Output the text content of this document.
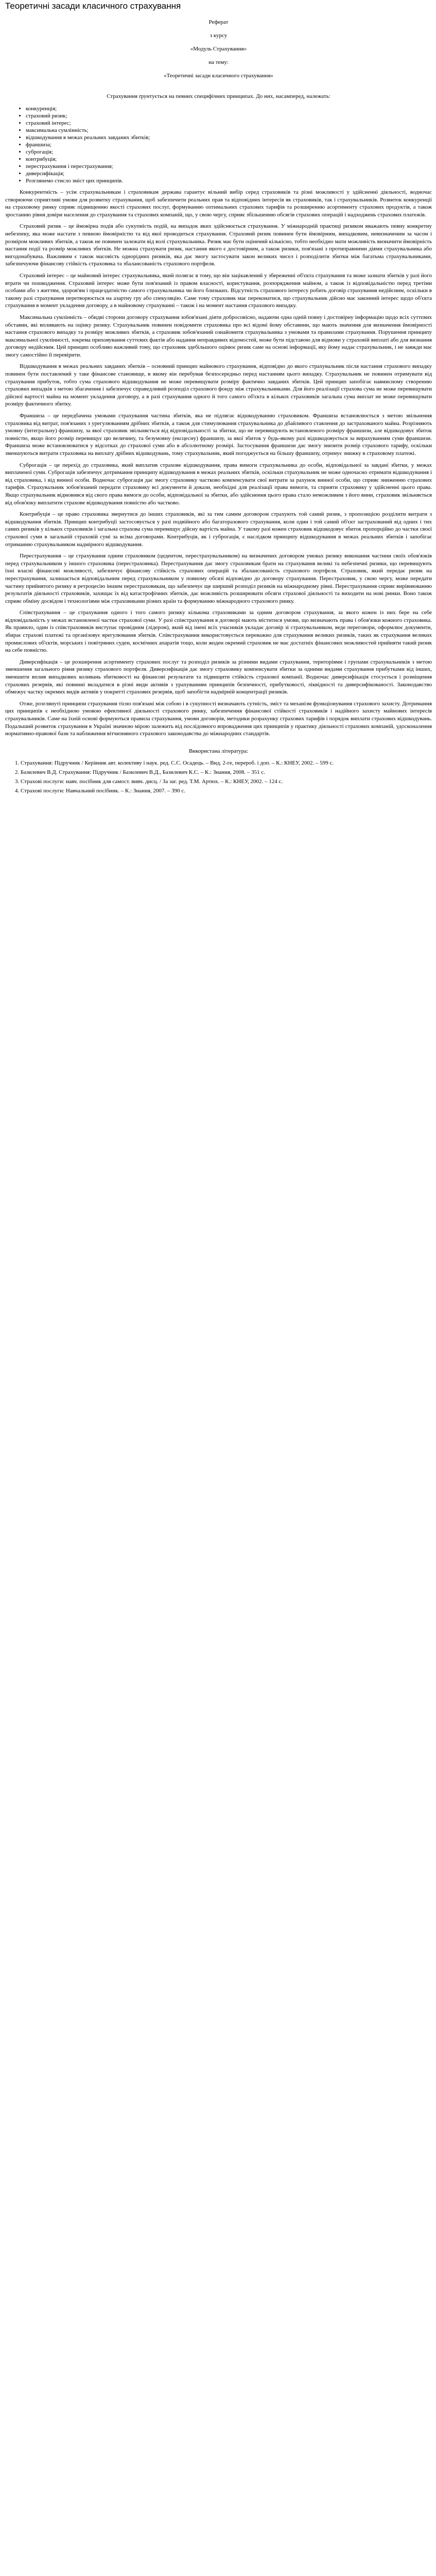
Теоретичні засади класичного страхування

Реферат

з курсу

«Модуль Страхування»

на тему:

«Теоретичні засади класичного страхування»

Страхування ґрунтується на певних специфічних принципах. До них, насамперед, належать:
• конкуренція;
• страховий ризик;
• страховий інтерес;
• максимальна сумлінність;
• відшкодування в межах реальних завданих збитків;
• франшиза;
• суброгація;
• контрибуція;
• перестрахування і перестрахування;
• диверсифікація;
• Розглянемо стисло зміст цих принципів.

Конкурентність – усім страхувальникам і страховикам держава гарантує вільний вибір серед страховиків та різні можливості у здійсненні діяльності, водночас створюючи сприятливі умови для розвитку страхування, щоб забезпечити реальних прав та відповідних інтересів як страховиків, так і страхувальників. Розвиток конкуренції на страховому ринку сприяє підвищенню якості страхових послуг, формуванню оптимальних страхових тарифів та розширенню асортименту страхових продуктів, а також зростанню рівня довіри населення до страхування та страхових компаній, що, у свою чергу, сприяє збільшенню обсягів страхових операцій і надходжень страхових платежів.

Страховий ризик – це ймовірна подія або сукупність подій, на випадок яких здійснюється страхування. У міжнародній практиці ризиком вважають певну конкретну небезпеку, яка може настати з певною ймовірністю та від якої проводиться страхування. Страховий ризик повинен бути ймовірним, випадковим, невизначеним за часом і розміром можливих збитків, а також не повинен залежати від волі страхувальника. Ризик має бути оцінений кількісно, тобто необхідно мати можливість визначити ймовірність настання події та розмір можливих збитків. Не можна страхувати ризик, настання якого є достовірним, а також ризики, пов'язані з протиправними діями страхувальника або вигодонабувача. Важливим є також масовість однорідних ризиків, яка дає змогу застосувати закон великих чисел і розподілити збитки між багатьма страхувальниками, забезпечуючи фінансову стійкість страховика та збалансованість страхового портфеля.

Страховий інтерес – це майновий інтерес страхувальника, який полягає в тому, що він зацікавлений у збереженні об'єкта страхування та може зазнати збитків у разі його втрати чи пошкодження. Страховий інтерес може бути пов'язаний із правом власності, користування, розпорядження майном, а також із відповідальністю перед третіми особами або з життям, здоров'ям і працездатністю самого страхувальника чи його близьких. Відсутність страхового інтересу робить договір страхування недійсним, оскільки в такому разі страхування перетворюється на азартну гру або спекуляцію. Саме тому страховик має переконатися, що страхувальник дійсно має законний інтерес щодо об'єкта страхування в момент укладення договору, а в майновому страхуванні – також і на момент настання страхового випадку.

Максимальна сумлінність – обидві сторони договору страхування зобов'язані діяти добросовісно, надаючи одна одній повну і достовірну інформацію щодо всіх суттєвих обставин, які впливають на оцінку ризику. Страхувальник повинен повідомити страховика про всі відомі йому обставини, що мають значення для визначення ймовірності настання страхового випадку та розміру можливих збитків, а страховик зобов'язаний ознайомити страхувальника з умовами та правилами страхування. Порушення принципу максимальної сумлінності, зокрема приховування суттєвих фактів або надання неправдивих відомостей, може бути підставою для відмови у страховій виплаті або для визнання договору недійсним. Цей принцип особливо важливий тому, що страховик здебільшого оцінює ризик саме на основі інформації, яку йому надає страхувальник, і не завжди має змогу самостійно її перевірити.

Відшкодування в межах реальних завданих збитків – основний принцип майнового страхування, відповідно до якого страхувальник після настання страхового випадку повинен бути поставлений у таке фінансове становище, в якому він перебував безпосередньо перед настанням цього випадку. Страхувальник не повинен отримувати від страхування прибуток, тобто сума страхового відшкодування не може перевищувати розміру фактично завданих збитків. Цей принцип запобігає навмисному створенню страхових випадків з метою збагачення і забезпечує справедливий розподіл страхового фонду між страхувальниками. Для його реалізації страхова сума не може перевищувати дійсної вартості майна на момент укладення договору, а в разі страхування одного й того самого об'єкта в кількох страховиків загальна сума виплат не може перевищувати розміру фактичного збитку.

Франшиза – це передбачена умовами страхування частина збитків, яка не підлягає відшкодуванню страховиком. Франшиза встановлюється з метою звільнення страховика від витрат, пов'язаних з урегулюванням дрібних збитків, а також для стимулювання страхувальника до дбайливого ставлення до застрахованого майна. Розрізняють умовну (інтегральну) франшизу, за якої страховик звільняється від відповідальності за збитки, що не перевищують встановленого розміру франшизи, але відшкодовує збиток повністю, якщо його розмір перевищує цю величину, та безумовну (ексцесну) франшизу, за якої збиток у будь-якому разі відшкодовується за вирахуванням суми франшизи. Франшиза може встановлюватися у відсотках до страхової суми або в абсолютному розмірі. Застосування франшизи дає змогу знизити розмір страхового тарифу, оскільки зменшуються витрати страховика на виплату дрібних відшкодувань, тому страхувальник, який погоджується на більшу франшизу, отримує знижку в страховому платежі.

Суброгація – це перехід до страховика, який виплатив страхове відшкодування, права вимоги страхувальника до особи, відповідальної за завдані збитки, у межах виплаченої суми. Суброгація забезпечує дотримання принципу відшкодування в межах реальних збитків, оскільки страхувальник не може одночасно отримати відшкодування і від страховика, і від винної особи. Водночас суброгація дає змогу страховику частково компенсувати свої витрати за рахунок винної особи, що сприяє зниженню страхових тарифів. Страхувальник зобов'язаний передати страховику всі документи й докази, необхідні для реалізації права вимоги, та сприяти страховику у здійсненні цього права. Якщо страхувальник відмовився від свого права вимоги до особи, відповідальної за збитки, або здійснення цього права стало неможливим з його вини, страховик звільняється від обов'язку виплатити страхове відшкодування повністю або частково.

Контрибуція – це право страховика звернутися до інших страховиків, які за тим самим договором страхують той самий ризик, з пропозицією розділити витрати з відшкодування збитків. Принцип контрибуції застосовується у разі подвійного або багаторазового страхування, коли один і той самий об'єкт застрахований від одних і тих самих ризиків у кількох страховиків і загальна страхова сума перевищує дійсну вартість майна. У такому разі кожен страховик відшкодовує збиток пропорційно до частки своєї страхової суми в загальній страховій сумі за всіма договорами. Контрибуція, як і суброгація, є наслідком принципу відшкодування в межах реальних збитків і запобігає отриманню страхувальником надмірного відшкодування.

Перестрахування – це страхування одним страховиком (цедентом, перестрахувальником) на визначених договором умовах ризику виконання частини своїх обов'язків перед страхувальником у іншого страховика (перестраховика). Перестрахування дає змогу страховикам брати на страхування великі та небезпечні ризики, що перевищують їхні власні фінансові можливості, забезпечує фінансову стійкість страхових операцій та збалансованість страхового портфеля. Страховик, який передає ризик на перестрахування, залишається відповідальним перед страхувальником у повному обсязі відповідно до договору страхування. Перестраховик, у свою чергу, може передати частину прийнятого ризику в ретроцесію іншим перестраховикам, що забезпечує ще ширший розподіл ризиків на міжнародному рівні. Перестрахування сприяє вирівнюванню результатів діяльності страховиків, захищає їх від катастрофічних збитків, дає можливість розширювати обсяги страхової діяльності та виходити на нові ринки. Воно також сприяє обміну досвідом і технологіями між страховиками різних країн та формуванню міжнародного страхового ринку.

Співстрахування – це страхування одного і того самого ризику кількома страховиками за одним договором страхування, за якого кожен із них бере на себе відповідальність у межах встановленої частки страхової суми. У разі співстрахування в договорі мають міститися умови, що визначають права і обов'язки кожного страховика. Як правило, один із співстраховиків виступає провідним (лідером), який від імені всіх учасників укладає договір зі страхувальником, веде переговори, оформлює документи, збирає страхові платежі та організовує врегулювання збитків. Співстрахування використовується переважно для страхування великих ризиків, таких як страхування великих промислових об'єктів, морських і повітряних суден, космічних апаратів тощо, коли жоден окремий страховик не має достатніх фінансових можливостей прийняти такий ризик на себе повністю.

Диверсифікація – це розширення асортименту страхових послуг та розподіл ризиків за різними видами страхування, територіями і групами страхувальників з метою зменшення загального рівня ризику страхового портфеля. Диверсифікація дає змогу страховику компенсувати збитки за одними видами страхування прибутками від інших, зменшити вплив випадкових коливань збитковості на фінансові результати та підвищити стійкість страхової компанії. Водночас диверсифікація стосується і розміщення страхових резервів, які повинні вкладатися в різні види активів з урахуванням принципів безпечності, прибутковості, ліквідності та диверсифікованості. Законодавство обмежує частку окремих видів активів у покритті страхових резервів, щоб запобігти надмірній концентрації ризиків.

Отже, розглянуті принципи страхування тісно пов'язані між собою і в сукупності визначають сутність, зміст та механізм функціонування страхового захисту. Дотримання цих принципів є необхідною умовою ефективної діяльності страхового ринку, забезпечення фінансової стійкості страховиків і надійного захисту майнових інтересів страхувальників. Саме на їхній основі формуються правила страхування, умови договорів, методики розрахунку страхових тарифів і порядок виплати страхових відшкодувань. Подальший розвиток страхування в Україні значною мірою залежить від послідовного впровадження цих принципів у практику діяльності страхових компаній, удосконалення нормативно-правової бази та наближення вітчизняного страхового законодавства до міжнародних стандартів.

Використана література:
1. Страхування: Підручник / Керівник авт. колективу і наук. ред. С.С. Осадець. – Вид. 2-ге, перероб. і доп. – К.: КНЕУ, 2002. – 599 с.
2. Базилевич В.Д. Страхування: Підручник / Базилевич В.Д., Базилевич К.С. – К.: Знання, 2008. – 351 с.
3. Страхові послуги: навч. посібник для самост. вивч. дисц. / За заг. ред. Т.М. Артюх. – К.: КНЕУ, 2002. – 124 с.
4. Страхові послуги: Навчальний посібник. – К.: Знання, 2007. – 390 с.
